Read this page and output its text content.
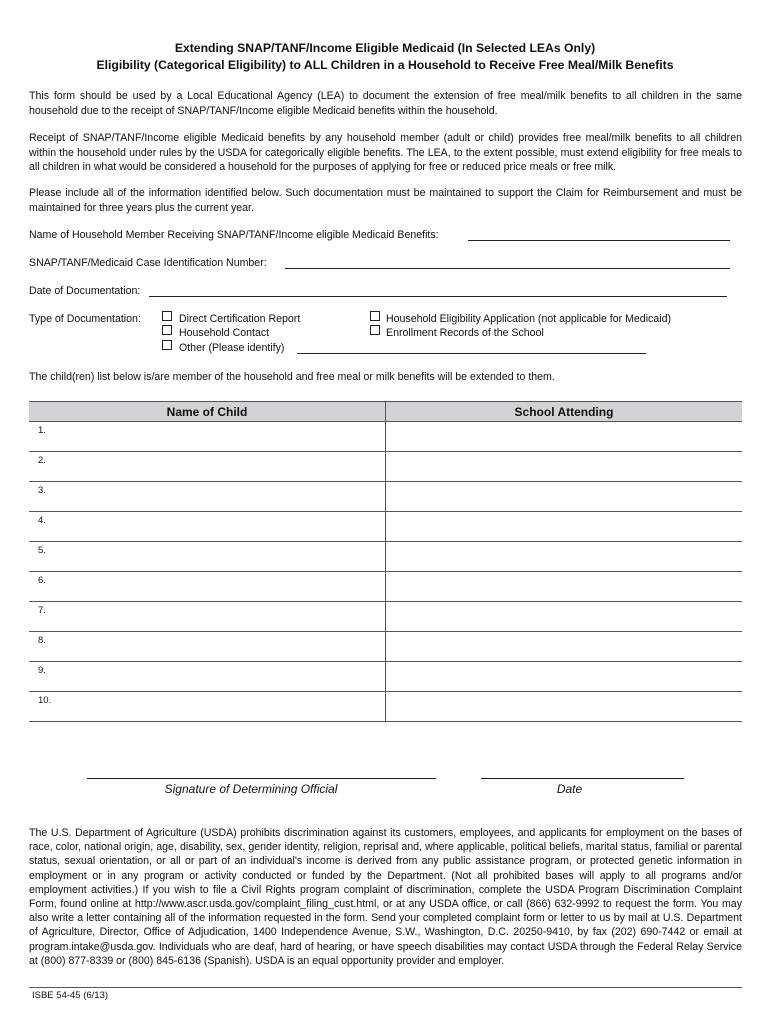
Extending SNAP/TANF/Income Eligible Medicaid (In Selected LEAs Only)
Eligibility (Categorical Eligibility) to ALL Children in a Household to Receive Free Meal/Milk Benefits
This form should be used by a Local Educational Agency (LEA) to document the extension of free meal/milk benefits to all children in the same household due to the receipt of SNAP/TANF/Income eligible Medicaid benefits within the household.
Receipt of SNAP/TANF/Income eligible Medicaid benefits by any household member (adult or child) provides free meal/milk benefits to all children within the household under rules by the USDA for categorically eligible benefits. The LEA, to the extent possible, must extend eligibility for free meals to all children in what would be considered a household for the purposes of applying for free or reduced price meals or free milk.
Please include all of the information identified below. Such documentation must be maintained to support the Claim for Reimbursement and must be maintained for three years plus the current year.
Name of Household Member Receiving SNAP/TANF/Income eligible Medicaid Benefits:
SNAP/TANF/Medicaid Case Identification Number:
Date of Documentation:
Type of Documentation:	Direct Certification Report
Household Contact
Other (Please identify)
Household Eligibility Application (not applicable for Medicaid)
Enrollment Records of the School
The child(ren) list below is/are member of the household and free meal or milk benefits will be extended to them.
Name of Child	School Attending

1.	

2.	

3.	

4.	

5.	

6.	

7.	

8.	

9.	

10.	

Signature of Determining Official	Date
The U.S. Department of Agriculture (USDA) prohibits discrimination against its customers, employees, and applicants for employment on the bases of race, color, national origin, age, disability, sex, gender identity, religion, reprisal and, where applicable, political beliefs, marital status, familial or parental status, sexual orientation, or all or part of an individual's income is derived from any public assistance program, or protected genetic information in employment or in any program or activity conducted or funded by the Department. (Not all prohibited bases will apply to all programs and/or employment activities.) If you wish to file a Civil Rights program complaint of discrimination, complete the USDA Program Discrimination Complaint Form, found online at http://www.ascr.usda.gov/complaint_filing_cust.html, or at any USDA office, or call (866) 632-9992 to request the form. You may also write a letter containing all of the information requested in the form. Send your completed complaint form or letter to us by mail at U.S. Department of Agriculture, Director, Office of Adjudication, 1400 Independence Avenue, S.W., Washington, D.C. 20250-9410, by fax (202) 690-7442 or email at program.intake@usda.gov. Individuals who are deaf, hard of hearing, or have speech disabilities may contact USDA through the Federal Relay Service at (800) 877-8339 or (800) 845-6136 (Spanish). USDA is an equal opportunity provider and employer.
ISBE 54-45 (6/13)
